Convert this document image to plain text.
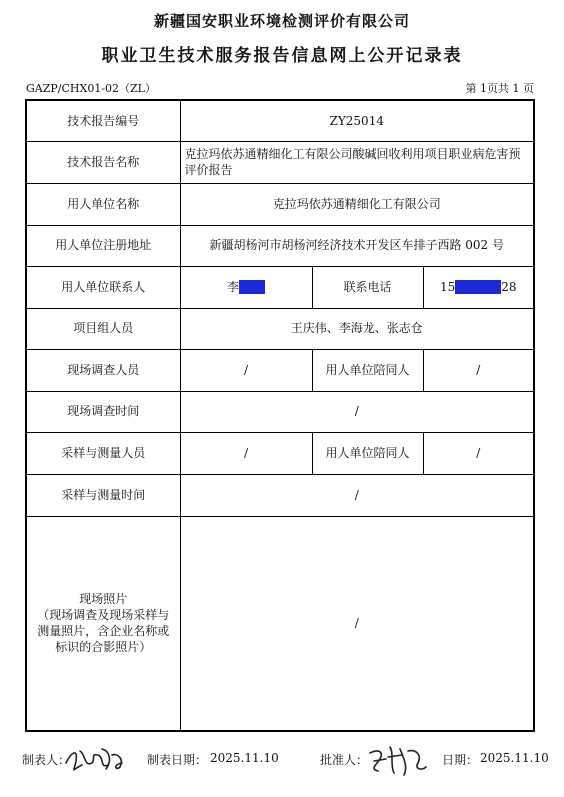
新疆国安职业环境检测评价有限公司
职业卫生技术服务报告信息网上公开记录表
GAZP/CHX01-02（ZL）	第 1页共 1 页
技术报告编号	ZY25014		
技术报告名称	克拉玛依苏通精细化工有限公司酸碱回收利用项目职业病危害预评价报告		
用人单位名称	克拉玛依苏通精细化工有限公司		
用人单位注册地址	新疆胡杨河市胡杨河经济技术开发区车排子西路 002 号		
用人单位联系人	李	联系电话	15 28
项目组人员	王庆伟、李海龙、张志仓		
现场调查人员	/	用人单位陪同人	/
现场调查时间	/		
采样与测量人员	/	用人单位陪同人	/
采样与测量时间	/		

现场照片
（现场调查及现场采样与测量照片，含企业名称或标识的合影照片）	/		
制表人：	制表日期： 2025.11.10	批准人：	日期： 2025.11.10
